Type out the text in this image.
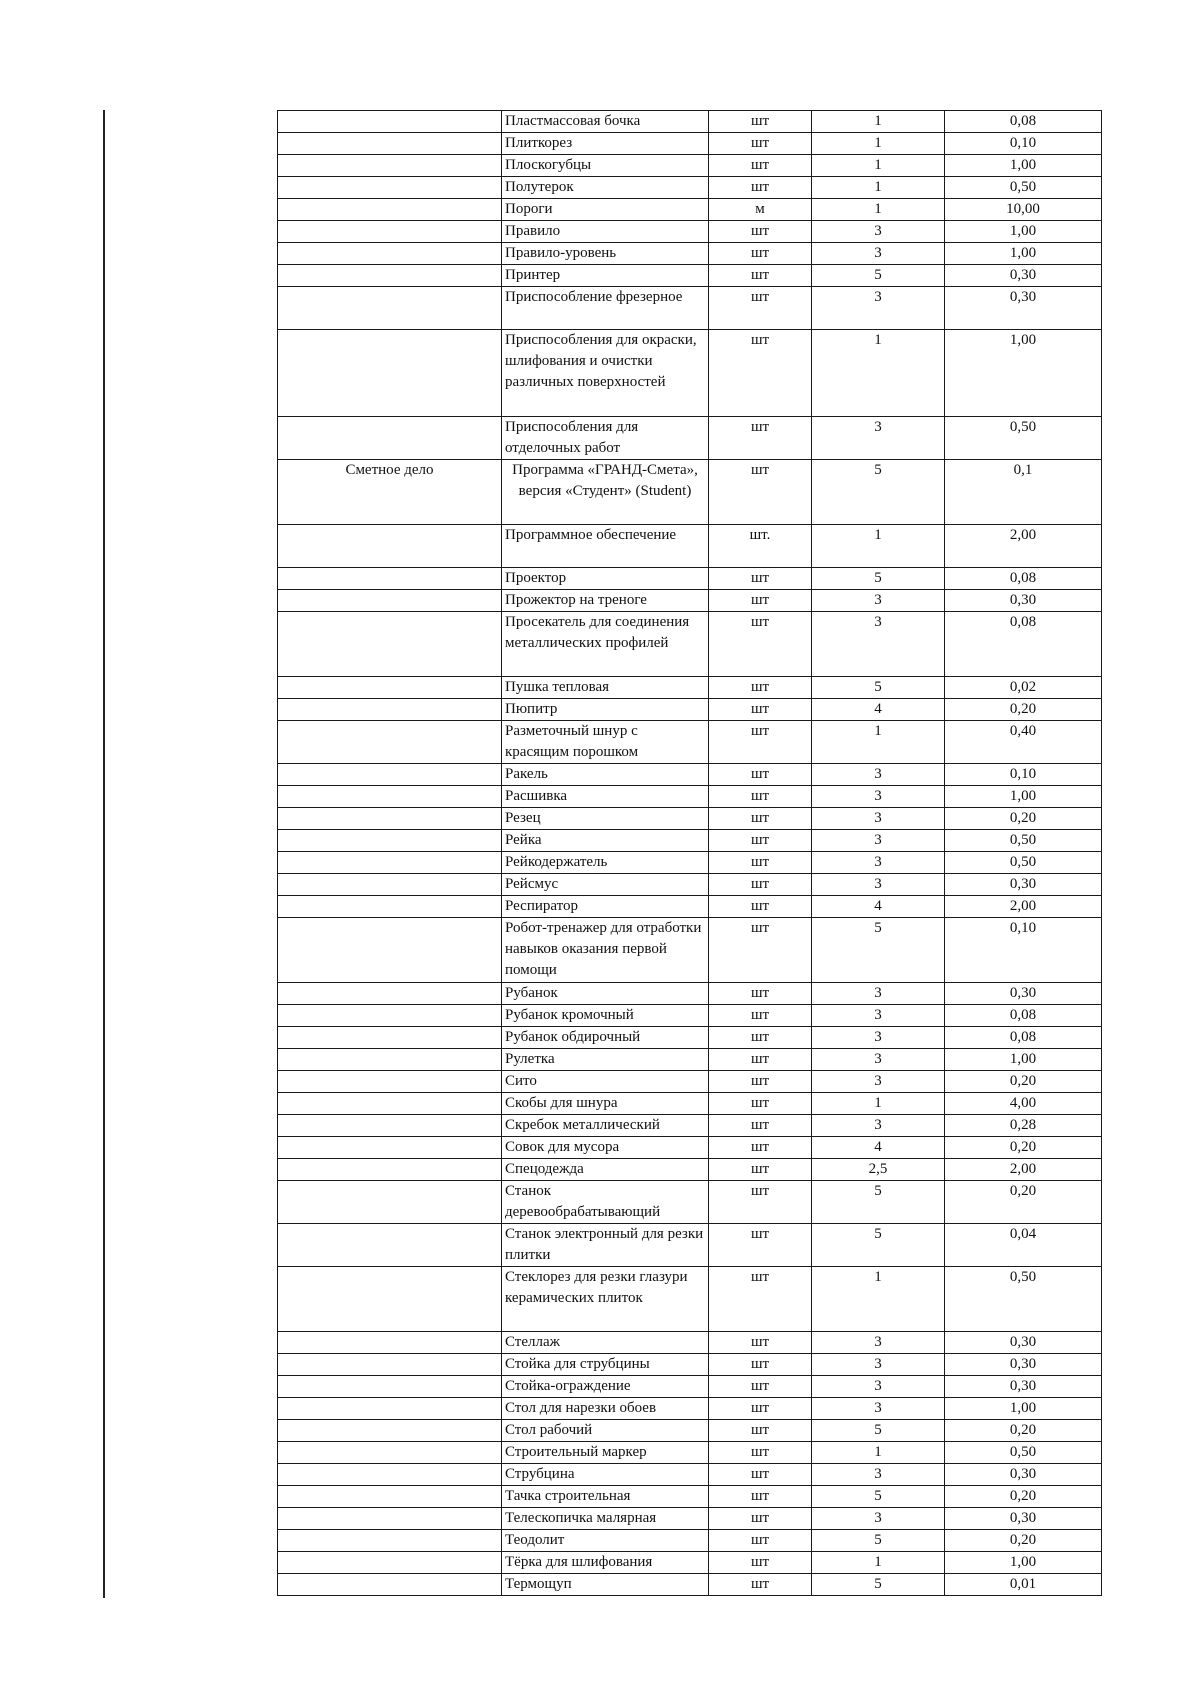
	Пластмассовая бочка	шт	1	0,08
	Плиткорез	шт	1	0,10
	Плоскогубцы	шт	1	1,00
	Полутерок	шт	1	0,50
	Пороги	м	1	10,00
	Правило	шт	3	1,00
	Правило-уровень	шт	3	1,00
	Принтер	шт	5	0,30
	Приспособление фрезерное	шт	3	0,30
	Приспособления для окраски, шлифования и очистки различных поверхностей	шт	1	1,00
	Приспособления для отделочных работ	шт	3	0,50
Сметное дело	Программа «ГРАНД-Смета», версия «Студент» (Student)	шт	5	0,1
	Программное обеспечение	шт.	1	2,00
	Проектор	шт	5	0,08
	Прожектор на треноге	шт	3	0,30
	Просекатель для соединения металлических профилей	шт	3	0,08
	Пушка тепловая	шт	5	0,02
	Пюпитр	шт	4	0,20
	Разметочный шнур с красящим порошком	шт	1	0,40
	Ракель	шт	3	0,10
	Расшивка	шт	3	1,00
	Резец	шт	3	0,20
	Рейка	шт	3	0,50
	Рейкодержатель	шт	3	0,50
	Рейсмус	шт	3	0,30
	Респиратор	шт	4	2,00
	Робот-тренажер для отработки навыков оказания первой помощи	шт	5	0,10
	Рубанок	шт	3	0,30
	Рубанок кромочный	шт	3	0,08
	Рубанок обдирочный	шт	3	0,08
	Рулетка	шт	3	1,00
	Сито	шт	3	0,20
	Скобы для шнура	шт	1	4,00
	Скребок металлический	шт	3	0,28
	Совок для мусора	шт	4	0,20
	Спецодежда	шт	2,5	2,00
	Станок деревообрабатывающий	шт	5	0,20
	Станок электронный для резки плитки	шт	5	0,04
	Стеклорез для резки глазури керамических плиток	шт	1	0,50
	Стеллаж	шт	3	0,30
	Стойка для струбцины	шт	3	0,30
	Стойка-ограждение	шт	3	0,30
	Стол для нарезки обоев	шт	3	1,00
	Стол рабочий	шт	5	0,20
	Строительный маркер	шт	1	0,50
	Струбцина	шт	3	0,30
	Тачка строительная	шт	5	0,20
	Телескопичка малярная	шт	3	0,30
	Теодолит	шт	5	0,20
	Тёрка для шлифования	шт	1	1,00
	Термощуп	шт	5	0,01
